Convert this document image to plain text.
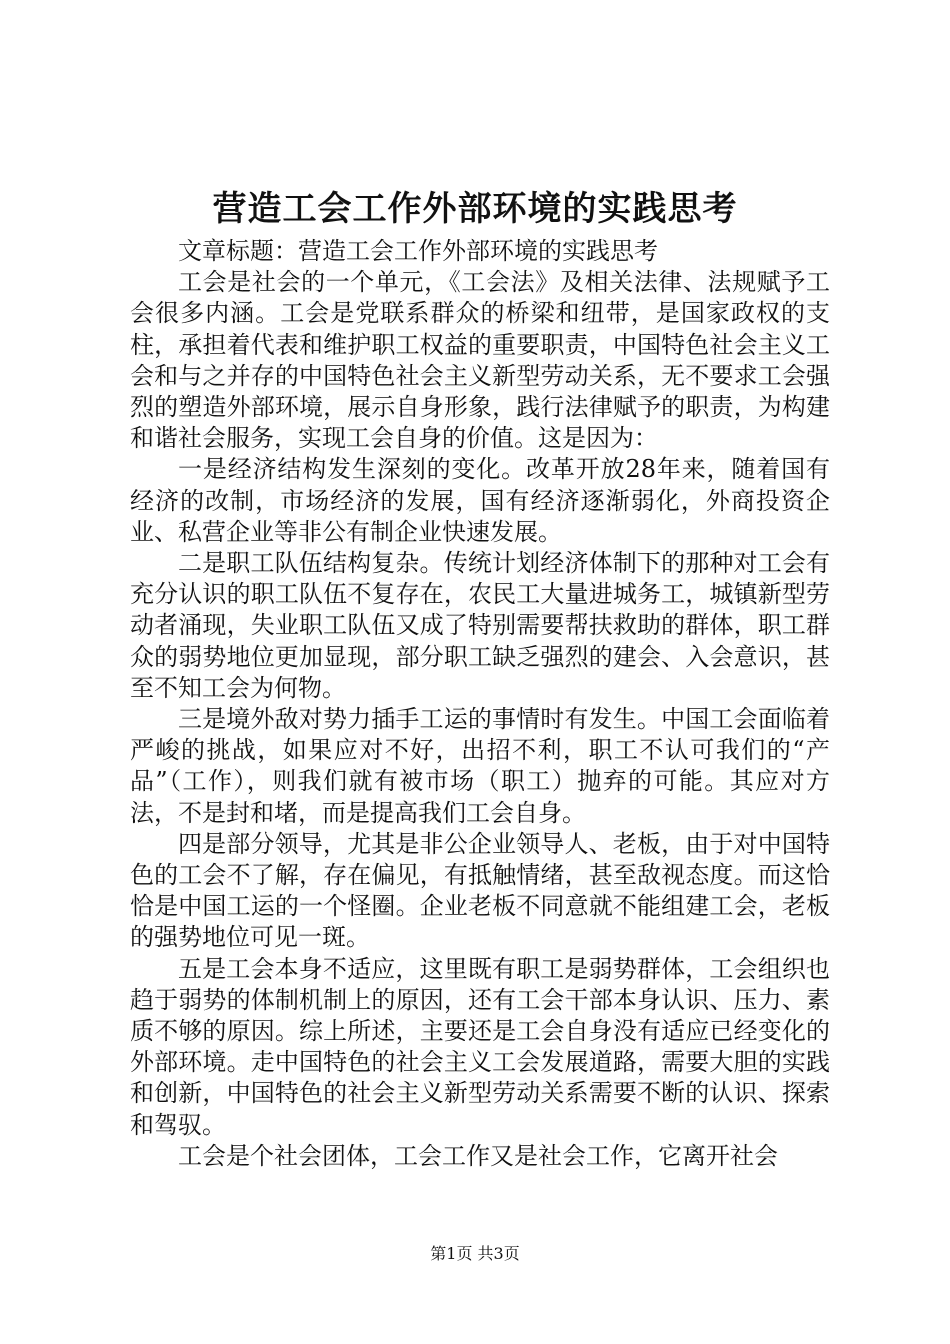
营造工会工作外部环境的实践思考

文章标题：营造工会工作外部环境的实践思考

工会是社会的一个单元，《工会法》及相关法律、法规赋予工会很多内涵。工会是党联系群众的桥梁和纽带，是国家政权的支柱，承担着代表和维护职工权益的重要职责，中国特色社会主义工会和与之并存的中国特色社会主义新型劳动关系，无不要求工会强烈的塑造外部环境，展示自身形象，践行法律赋予的职责，为构建和谐社会服务，实现工会自身的价值。这是因为：

一是经济结构发生深刻的变化。改革开放28年来，随着国有经济的改制，市场经济的发展，国有经济逐渐弱化，外商投资企业、私营企业等非公有制企业快速发展。

二是职工队伍结构复杂。传统计划经济体制下的那种对工会有充分认识的职工队伍不复存在，农民工大量进城务工，城镇新型劳动者涌现，失业职工队伍又成了特别需要帮扶救助的群体，职工群众的弱势地位更加显现，部分职工缺乏强烈的建会、入会意识，甚至不知工会为何物。

三是境外敌对势力插手工运的事情时有发生。中国工会面临着严峻的挑战，如果应对不好，出招不利，职工不认可我们的“产品”（工作），则我们就有被市场（职工）抛弃的可能。其应对方法，不是封和堵，而是提高我们工会自身。

四是部分领导，尤其是非公企业领导人、老板，由于对中国特色的工会不了解，存在偏见，有抵触情绪，甚至敌视态度。而这恰恰是中国工运的一个怪圈。企业老板不同意就不能组建工会，老板的强势地位可见一斑。

五是工会本身不适应，这里既有职工是弱势群体，工会组织也趋于弱势的体制机制上的原因，还有工会干部本身认识、压力、素质不够的原因。综上所述，主要还是工会自身没有适应已经变化的外部环境。走中国特色的社会主义工会发展道路，需要大胆的实践和创新，中国特色的社会主义新型劳动关系需要不断的认识、探索和驾驭。

工会是个社会团体，工会工作又是社会工作，它离开社会

第1页 共3页
